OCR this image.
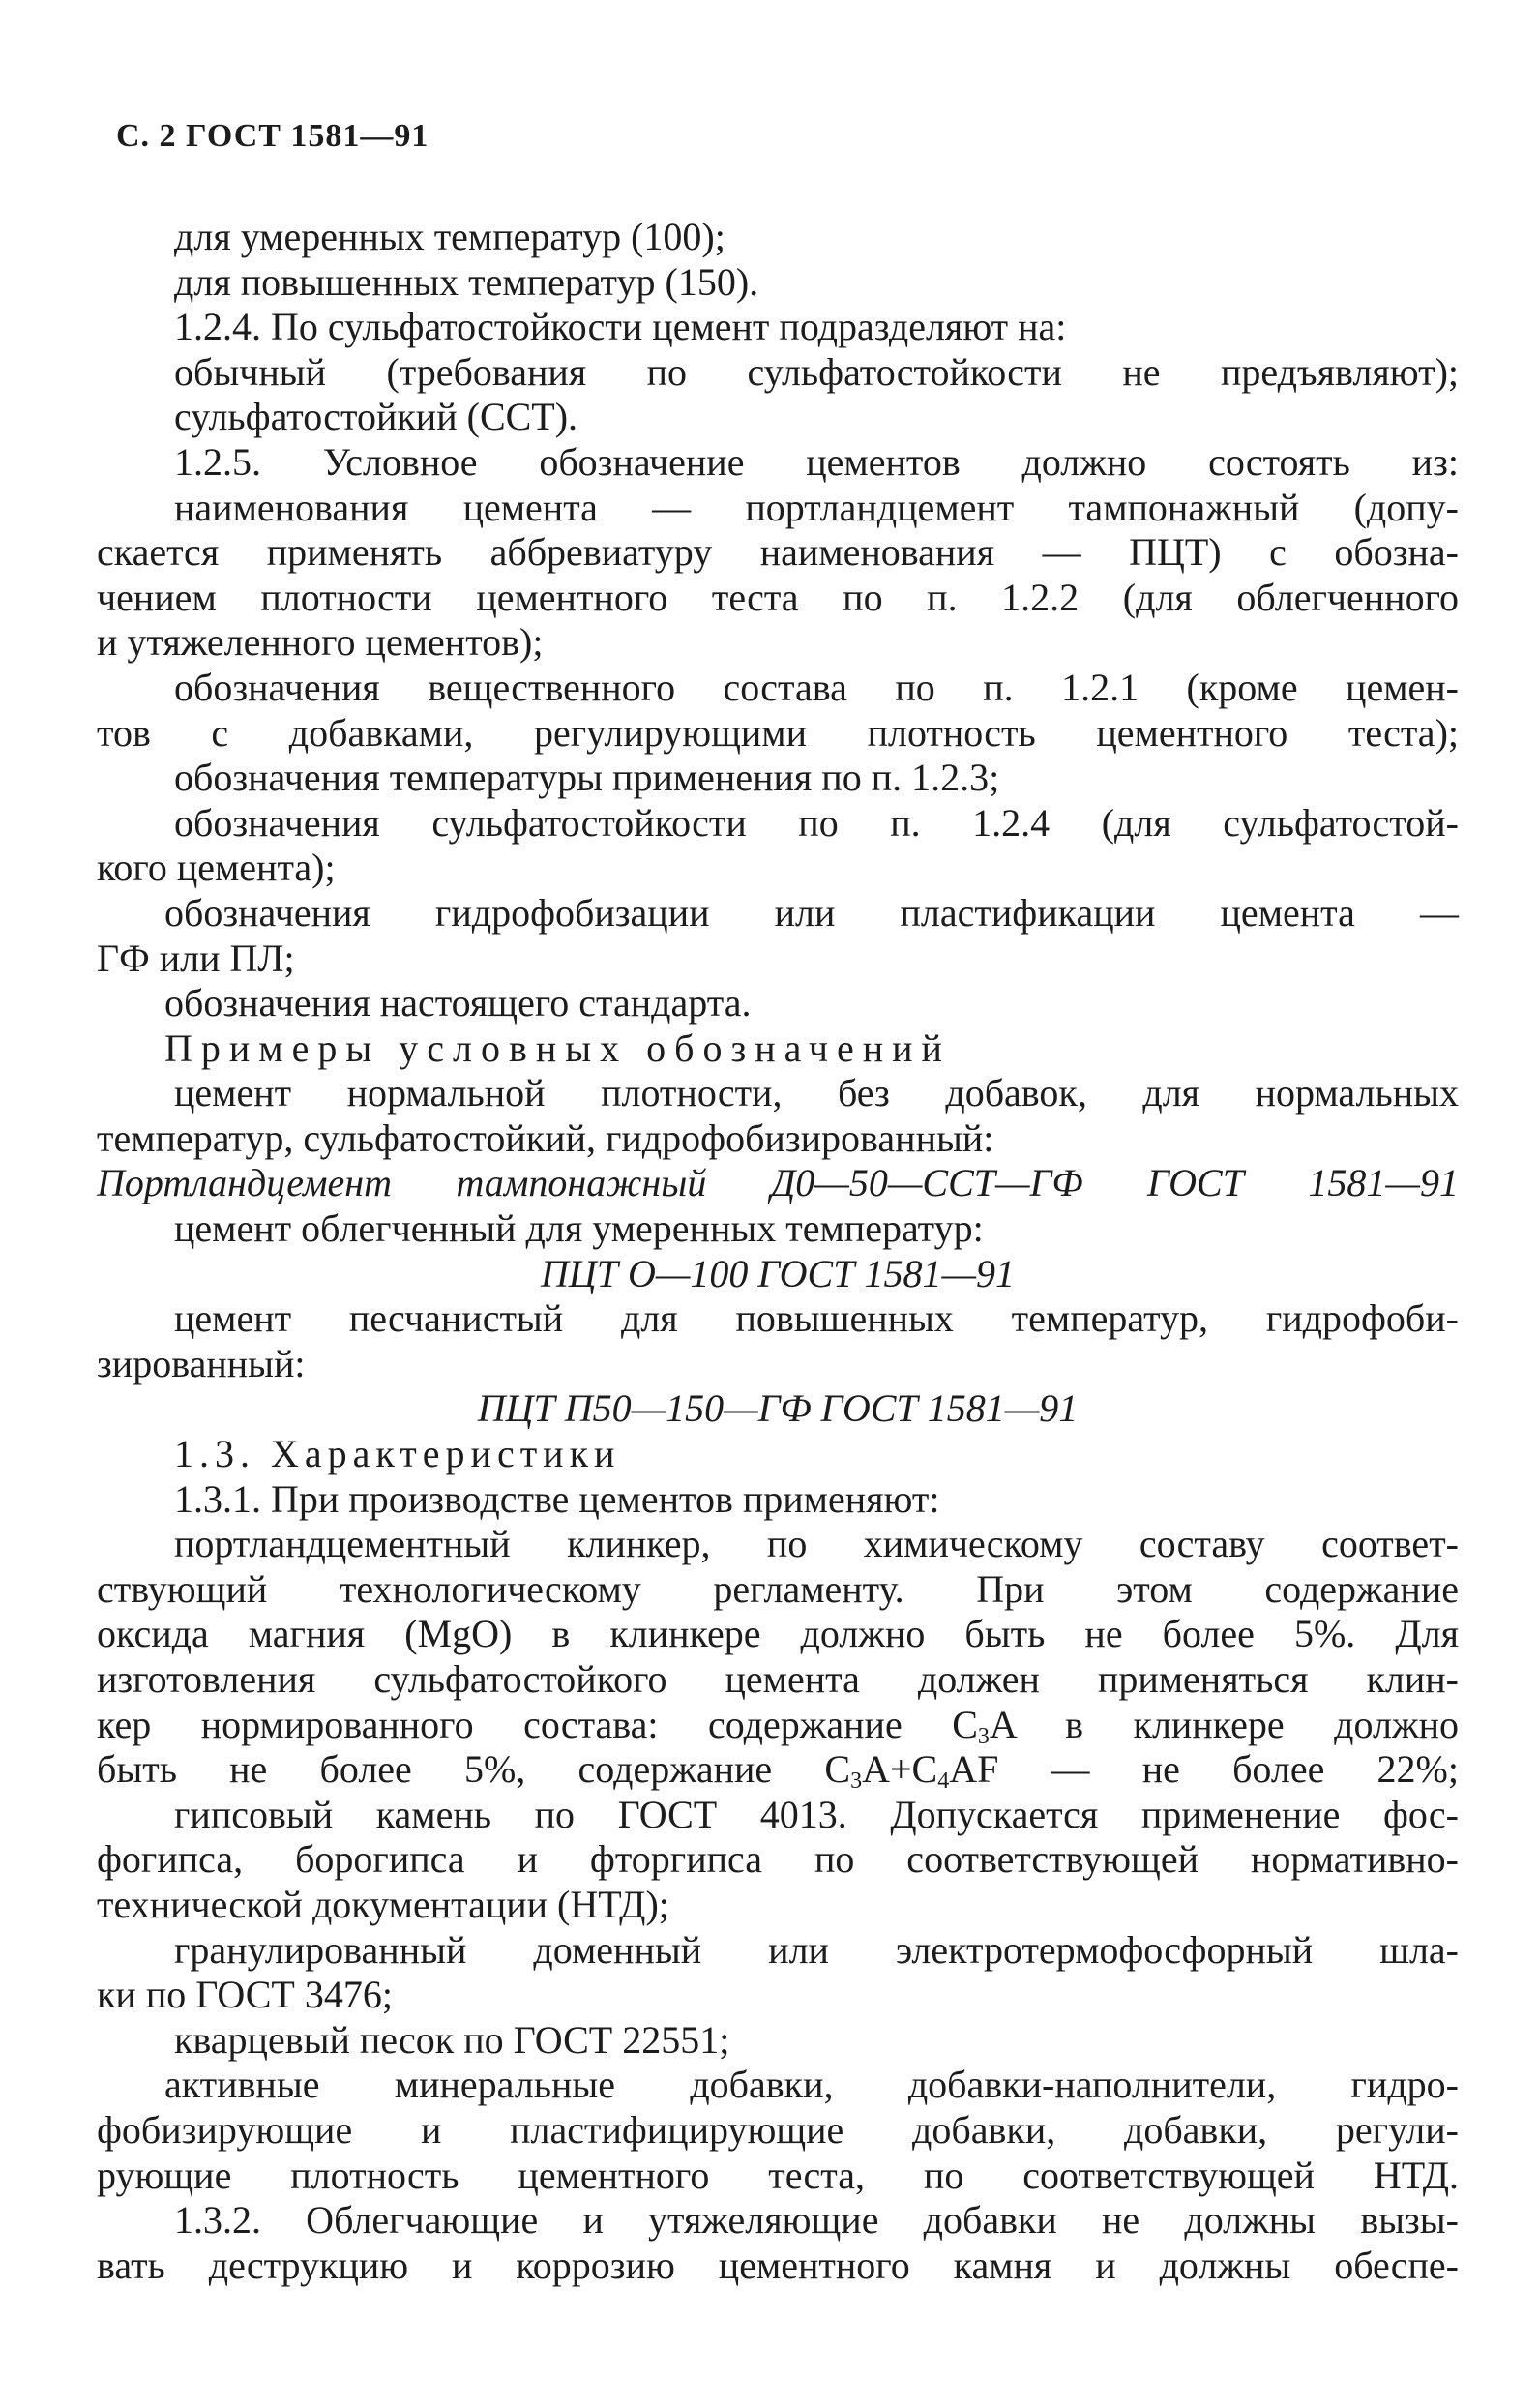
С. 2 ГОСТ 1581—91

для умеренных температур (100);

для повышенных температур (150).

1.2.4. По сульфатостойкости цемент подразделяют на:

обычный (требования по сульфатостойкости не предъявляют);

сульфатостойкий (ССТ).

1.2.5. Условное обозначение цементов должно состоять из:

наименования цемента — портландцемент тампонажный (допу-

скается применять аббревиатуру наименования — ПЦТ) с обозна-

чением плотности цементного теста по п. 1.2.2 (для облегченного

и утяжеленного цементов);

обозначения вещественного состава по п. 1.2.1 (кроме цемен-

тов с добавками, регулирующими плотность цементного теста);

обозначения температуры применения по п. 1.2.3;

обозначения сульфатостойкости по п. 1.2.4 (для сульфатостой-

кого цемента);

обозначения гидрофобизации или пластификации цемента —

ГФ или ПЛ;

обозначения настоящего стандарта.

Примеры условных обозначений

цемент нормальной плотности, без добавок, для нормальных

температур, сульфатостойкий, гидрофобизированный:

Портландцемент тампонажный Д0—50—ССТ—ГФ ГОСТ 1581—91

цемент облегченный для умеренных температур:

ПЦТ О—100 ГОСТ 1581—91

цемент песчанистый для повышенных температур, гидрофоби-

зированный:

ПЦТ П50—150—ГФ ГОСТ 1581—91

1.3. Характеристики

1.3.1. При производстве цементов применяют:

портландцементный клинкер, по химическому составу соответ-

ствующий технологическому регламенту. При этом содержание

оксида магния (MgO) в клинкере должно быть не более 5%. Для

изготовления сульфатостойкого цемента должен применяться клин-

кер нормированного состава: содержание $C_3A$ в клинкере должно

быть не более 5%, содержание $C_3A+C_4AF$ — не более 22%;

гипсовый камень по ГОСТ 4013. Допускается применение фос-

фогипса, борогипса и фторгипса по соответствующей нормативно-

технической документации (НТД);

гранулированный доменный или электротермофосфорный шла-

ки по ГОСТ 3476;

кварцевый песок по ГОСТ 22551;

активные минеральные добавки, добавки-наполнители, гидро-

фобизирующие и пластифицирующие добавки, добавки, регули-

рующие плотность цементного теста, по соответствующей НТД.

1.3.2. Облегчающие и утяжеляющие добавки не должны вызы-

вать деструкцию и коррозию цементного камня и должны обеспе-
